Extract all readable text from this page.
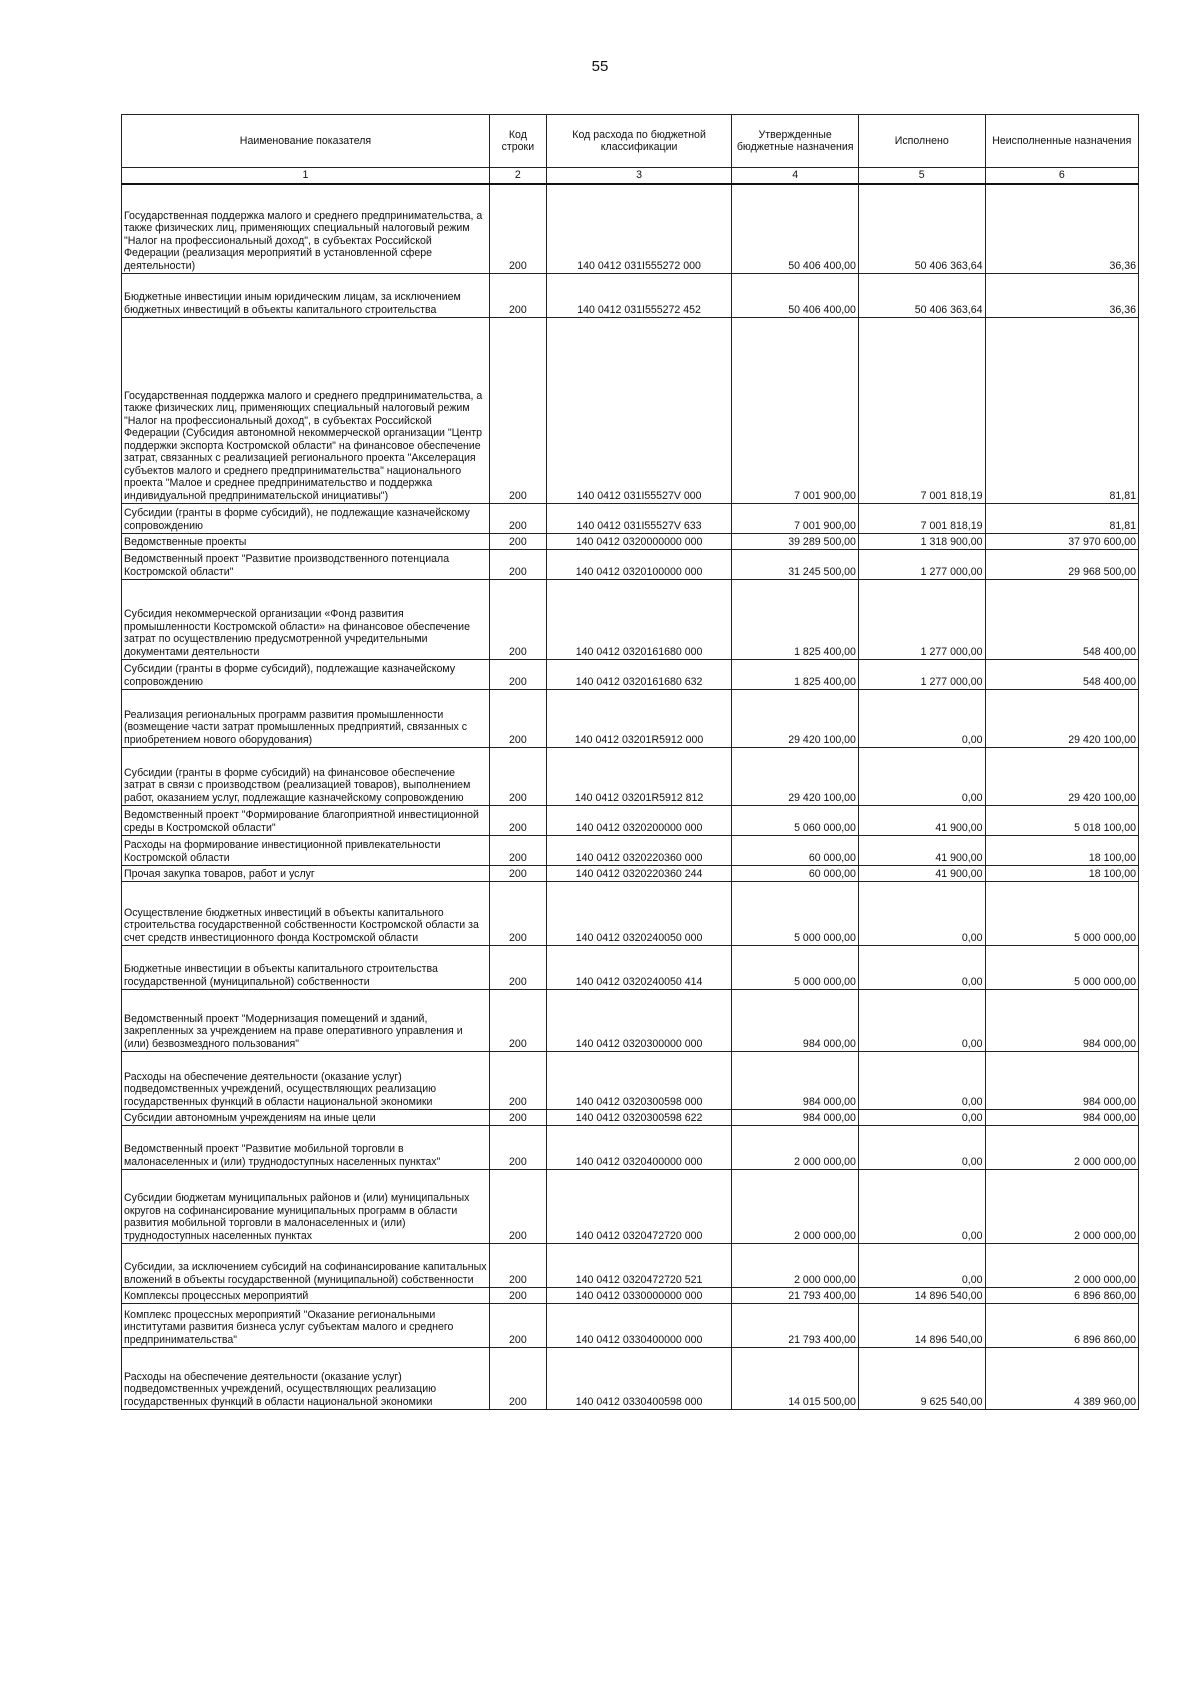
55
Наименование показателя	Код строки	Код расхода по бюджетной классификации	Утвержденные бюджетные назначения	Исполнено	Неисполненные назначения
1	2	3	4	5	6
Государственная поддержка малого и среднего предпринимательства, а также физических лиц, применяющих специальный налоговый режим "Налог на профессиональный доход", в субъектах Российской Федерации (реализация мероприятий в установленной сфере деятельности)	200	140 0412 031I555272 000	50 406 400,00	50 406 363,64	36,36
Бюджетные инвестиции иным юридическим лицам, за исключением бюджетных инвестиций в объекты капитального строительства	200	140 0412 031I555272 452	50 406 400,00	50 406 363,64	36,36
Государственная поддержка малого и среднего предпринимательства, а также физических лиц, применяющих специальный налоговый режим "Налог на профессиональный доход", в субъектах Российской Федерации (Субсидия автономной некоммерческой организации "Центр поддержки экспорта Костромской области" на финансовое обеспечение затрат, связанных с реализацией регионального проекта "Акселерация субъектов малого и среднего предпринимательства" национального проекта "Малое и среднее предпринимательство и поддержка индивидуальной предпринимательской инициативы")	200	140 0412 031I55527V 000	7 001 900,00	7 001 818,19	81,81
Субсидии (гранты в форме субсидий), не подлежащие казначейскому сопровождению	200	140 0412 031I55527V 633	7 001 900,00	7 001 818,19	81,81
Ведомственные проекты	200	140 0412 0320000000 000	39 289 500,00	1 318 900,00	37 970 600,00
Ведомственный проект "Развитие производственного потенциала Костромской области"	200	140 0412 0320100000 000	31 245 500,00	1 277 000,00	29 968 500,00
Субсидия некоммерческой организации «Фонд развития промышленности Костромской области» на финансовое обеспечение затрат по осуществлению предусмотренной учредительными документами деятельности	200	140 0412 0320161680 000	1 825 400,00	1 277 000,00	548 400,00
Субсидии (гранты в форме субсидий), подлежащие казначейскому сопровождению	200	140 0412 0320161680 632	1 825 400,00	1 277 000,00	548 400,00
Реализация региональных программ развития промышленности (возмещение части затрат промышленных предприятий, связанных с приобретением нового оборудования)	200	140 0412 03201R5912 000	29 420 100,00	0,00	29 420 100,00
Субсидии (гранты в форме субсидий) на финансовое обеспечение затрат в связи с производством (реализацией товаров), выполнением работ, оказанием услуг, подлежащие казначейскому сопровождению	200	140 0412 03201R5912 812	29 420 100,00	0,00	29 420 100,00
Ведомственный проект "Формирование благоприятной инвестиционной среды в Костромской области"	200	140 0412 0320200000 000	5 060 000,00	41 900,00	5 018 100,00
Расходы на формирование инвестиционной привлекательности Костромской области	200	140 0412 0320220360 000	60 000,00	41 900,00	18 100,00
Прочая закупка товаров, работ и услуг	200	140 0412 0320220360 244	60 000,00	41 900,00	18 100,00
Осуществление бюджетных инвестиций в объекты капитального строительства государственной собственности Костромской области за счет средств инвестиционного фонда Костромской области	200	140 0412 0320240050 000	5 000 000,00	0,00	5 000 000,00
Бюджетные инвестиции в объекты капитального строительства государственной (муниципальной) собственности	200	140 0412 0320240050 414	5 000 000,00	0,00	5 000 000,00
Ведомственный проект "Модернизация помещений и зданий, закрепленных за учреждением на праве оперативного управления и (или) безвозмездного пользования"	200	140 0412 0320300000 000	984 000,00	0,00	984 000,00
Расходы на обеспечение деятельности (оказание услуг) подведомственных учреждений, осуществляющих реализацию государственных функций в области национальной экономики	200	140 0412 0320300598 000	984 000,00	0,00	984 000,00
Субсидии автономным учреждениям на иные цели	200	140 0412 0320300598 622	984 000,00	0,00	984 000,00
Ведомственный проект "Развитие мобильной торговли в малонаселенных и (или) труднодоступных населенных пунктах"	200	140 0412 0320400000 000	2 000 000,00	0,00	2 000 000,00
Субсидии бюджетам муниципальных районов и (или) муниципальных округов на софинансирование муниципальных программ в области развития мобильной торговли в малонаселенных и (или) труднодоступных населенных пунктах	200	140 0412 0320472720 000	2 000 000,00	0,00	2 000 000,00
Субсидии, за исключением субсидий на софинансирование капитальных вложений в объекты государственной (муниципальной) собственности	200	140 0412 0320472720 521	2 000 000,00	0,00	2 000 000,00
Комплексы процессных мероприятий	200	140 0412 0330000000 000	21 793 400,00	14 896 540,00	6 896 860,00
Комплекс процессных мероприятий "Оказание региональными институтами развития бизнеса услуг субъектам малого и среднего предпринимательства"	200	140 0412 0330400000 000	21 793 400,00	14 896 540,00	6 896 860,00
Расходы на обеспечение деятельности (оказание услуг) подведомственных учреждений, осуществляющих реализацию государственных функций в области национальной экономики	200	140 0412 0330400598 000	14 015 500,00	9 625 540,00	4 389 960,00
